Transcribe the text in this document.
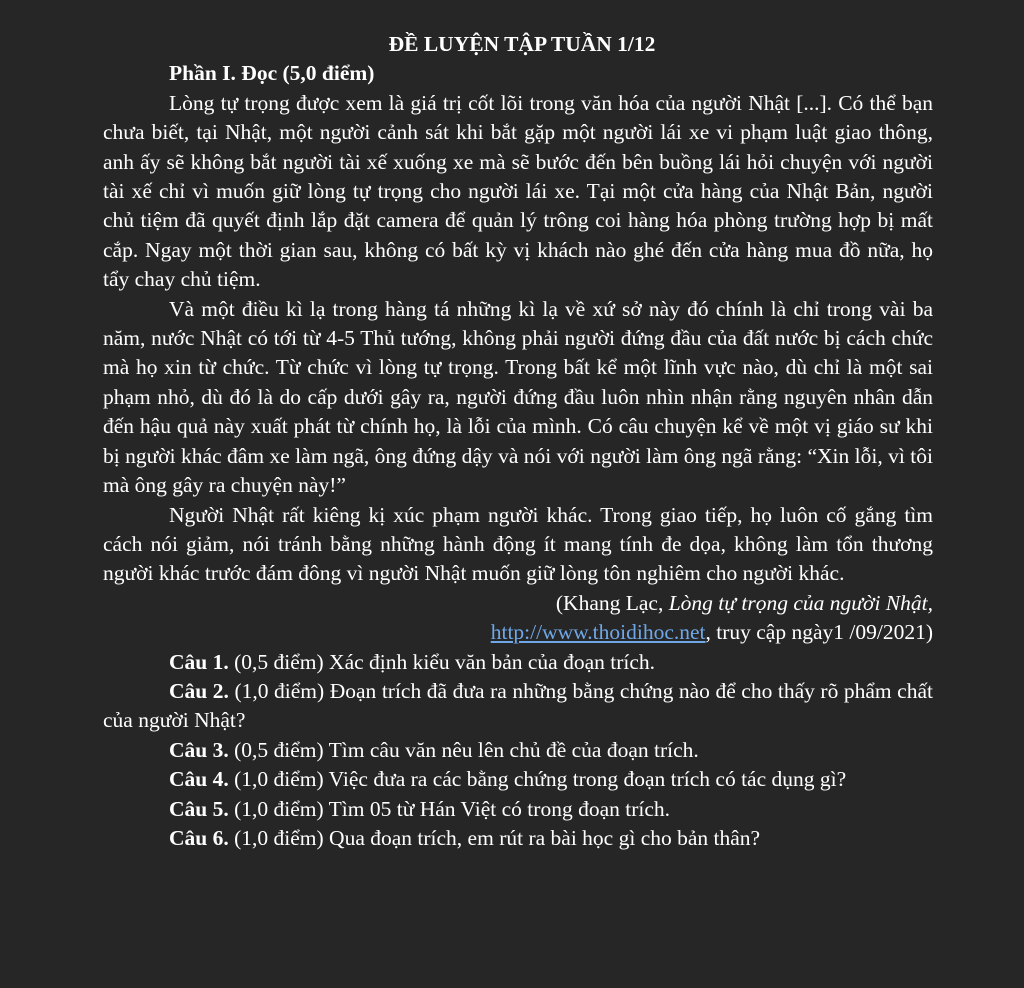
ĐỀ LUYỆN TẬP TUẦN 1/12

Phần I. Đọc (5,0 điểm)

Lòng tự trọng được xem là giá trị cốt lõi trong văn hóa của người Nhật [...]. Có thể bạn chưa biết, tại Nhật, một người cảnh sát khi bắt gặp một người lái xe vi phạm luật giao thông, anh ấy sẽ không bắt người tài xế xuống xe mà sẽ bước đến bên buồng lái hỏi chuyện với người tài xế chỉ vì muốn giữ lòng tự trọng cho người lái xe. Tại một cửa hàng của Nhật Bản, người chủ tiệm đã quyết định lắp đặt camera để quản lý trông coi hàng hóa phòng trường hợp bị mất cắp. Ngay một thời gian sau, không có bất kỳ vị khách nào ghé đến cửa hàng mua đồ nữa, họ tẩy chay chủ tiệm.

Và một điều kì lạ trong hàng tá những kì lạ về xứ sở này đó chính là chỉ trong vài ba năm, nước Nhật có tới từ 4-5 Thủ tướng, không phải người đứng đầu của đất nước bị cách chức mà họ xin từ chức. Từ chức vì lòng tự trọng. Trong bất kể một lĩnh vực nào, dù chỉ là một sai phạm nhỏ, dù đó là do cấp dưới gây ra, người đứng đầu luôn nhìn nhận rằng nguyên nhân dẫn đến hậu quả này xuất phát từ chính họ, là lỗi của mình. Có câu chuyện kể về một vị giáo sư khi bị người khác đâm xe làm ngã, ông đứng dậy và nói với người làm ông ngã rằng: “Xin lỗi, vì tôi mà ông gây ra chuyện này!”

Người Nhật rất kiêng kị xúc phạm người khác. Trong giao tiếp, họ luôn cố gắng tìm cách nói giảm, nói tránh bằng những hành động ít mang tính đe dọa, không làm tổn thương người khác trước đám đông vì người Nhật muốn giữ lòng tôn nghiêm cho người khác.

(Khang Lạc, Lòng tự trọng của người Nhật,
http://www.thoidihoc.net, truy cập ngày1 /09/2021)

Câu 1. (0,5 điểm) Xác định kiểu văn bản của đoạn trích.

Câu 2. (1,0 điểm) Đoạn trích đã đưa ra những bằng chứng nào để cho thấy rõ phẩm chất của người Nhật?

Câu 3. (0,5 điểm) Tìm câu văn nêu lên chủ đề của đoạn trích.

Câu 4. (1,0 điểm) Việc đưa ra các bằng chứng trong đoạn trích có tác dụng gì?

Câu 5. (1,0 điểm) Tìm 05 từ Hán Việt có trong đoạn trích.

Câu 6. (1,0 điểm) Qua đoạn trích, em rút ra bài học gì cho bản thân?
